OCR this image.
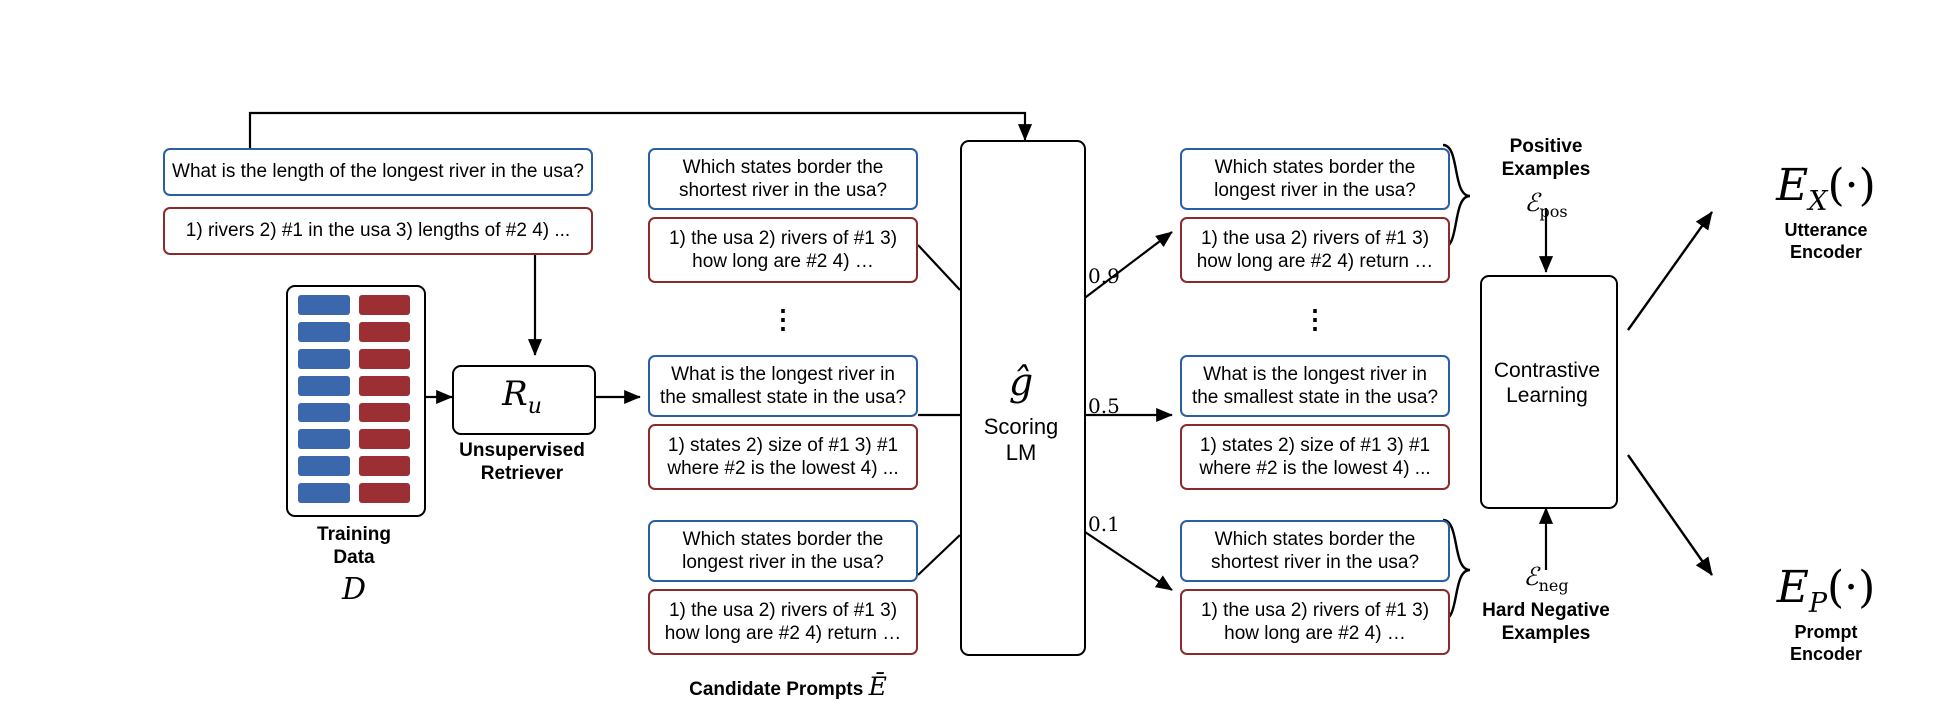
What is the length of the longest river in the usa?
1) rivers 2) #1 in the usa 3) lengths of #2 4) ...
Training
Data
D
$R_u$
Unsupervised
Retriever
Which states border the shortest river in the usa?
1) the usa 2) rivers of #1 3) how long are #2 4) …
⋮
What is the longest river in the smallest state in the usa?
1) states 2) size of #1 3) #1 where #2 is the lowest 4) ...
Which states border the longest river in the usa?
1) the usa 2) rivers of #1 3) how long are #2 4) return …
Candidate Prompts Ē
ĝ
Scoring
LM
0.9
0.5
0.1
Which states border the longest river in the usa?
1) the usa 2) rivers of #1 3) how long are #2 4) return …
⋮
What is the longest river in the smallest state in the usa?
1) states 2) size of #1 3) #1 where #2 is the lowest 4) ...
Which states border the shortest river in the usa?
1) the usa 2) rivers of #1 3) how long are #2 4) …
Positive
Examples
ℰ$_{pos}$
ℰ$_{neg}$
Hard Negative
Examples
Contrastive
Learning
$E_X(\cdot)$
Utterance
Encoder
$E_P(\cdot)$
Prompt
Encoder
